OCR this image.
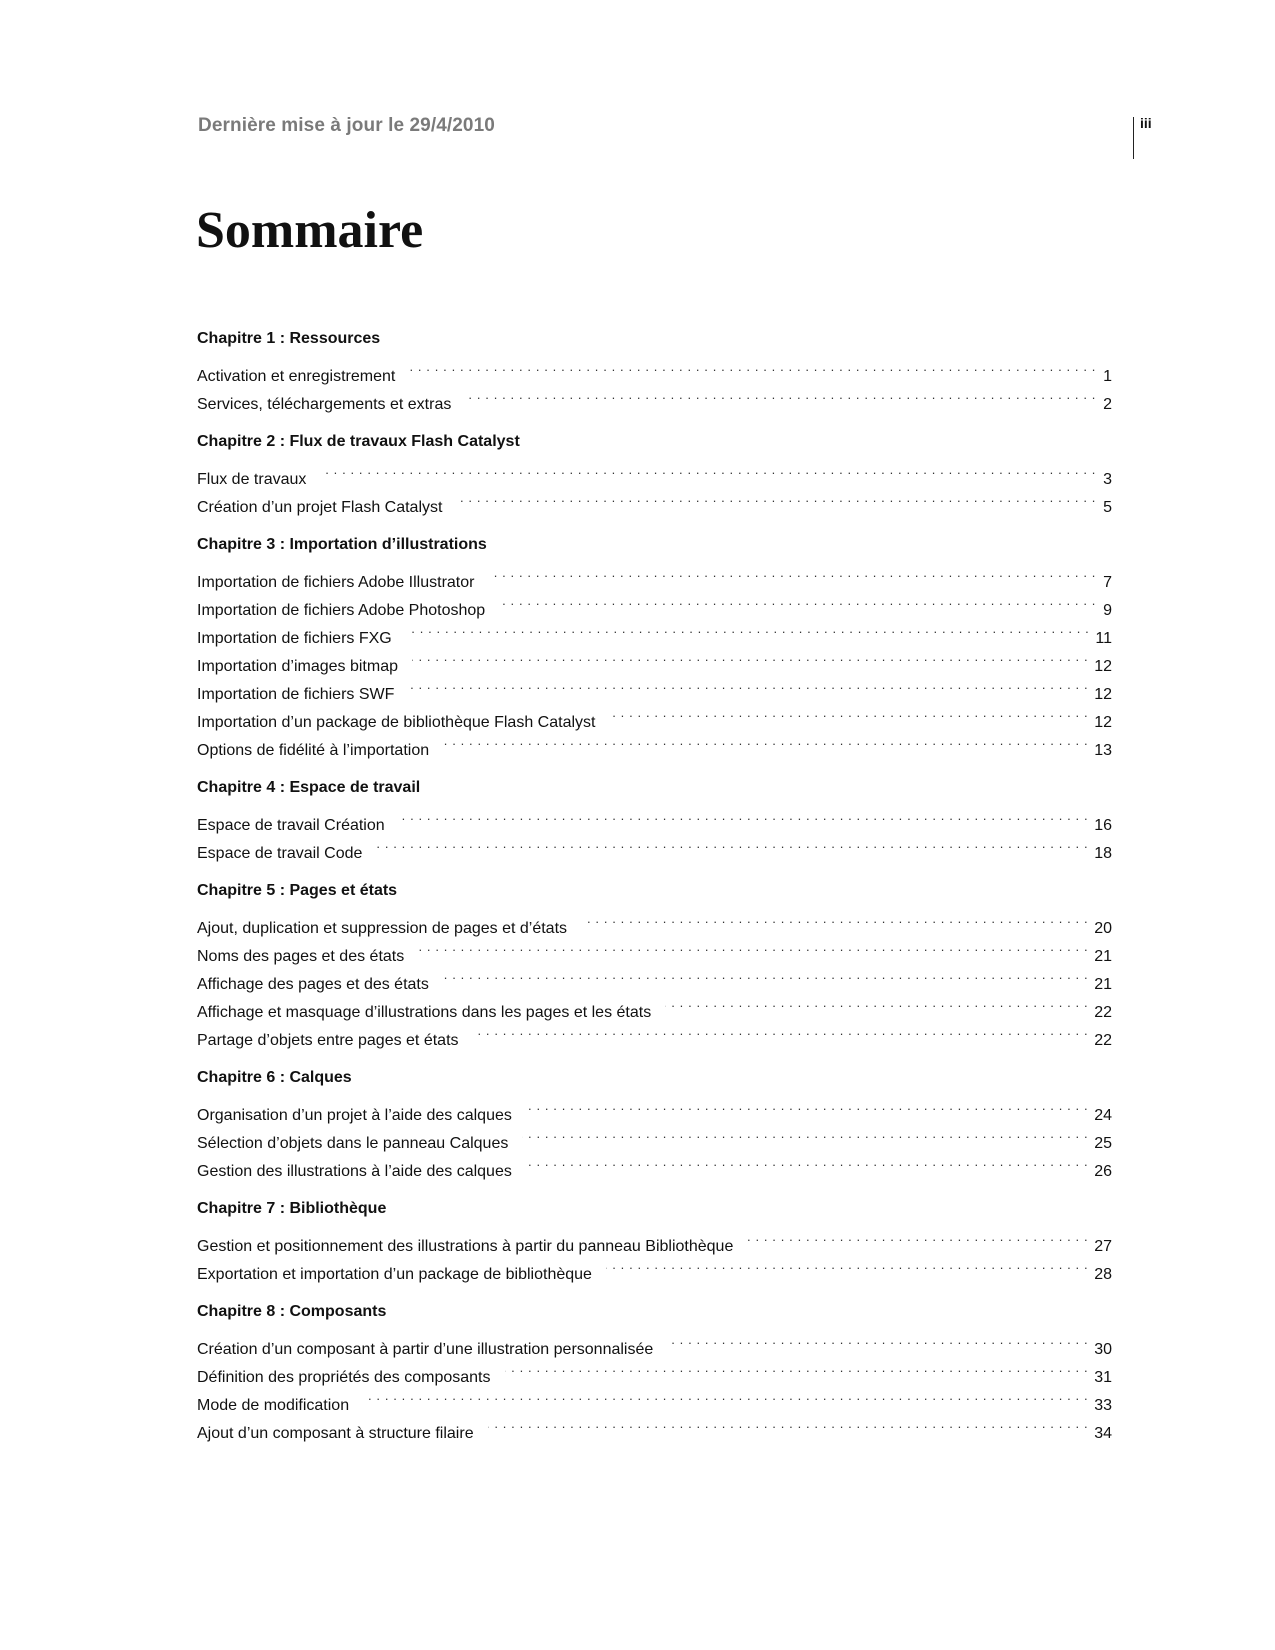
Dernière mise à jour le 29/4/2010	iii
Sommaire
Chapitre 1 : Ressources
Activation et enregistrement . . .	1
Services, téléchargements et extras . . .	2
Chapitre 2 : Flux de travaux Flash Catalyst
Flux de travaux . . .	3
Création d’un projet Flash Catalyst . . .	5
Chapitre 3 : Importation d’illustrations
Importation de fichiers Adobe Illustrator . . .	7
Importation de fichiers Adobe Photoshop . . .	9
Importation de fichiers FXG . . .	11
Importation d’images bitmap . . .	12
Importation de fichiers SWF . . .	12
Importation d’un package de bibliothèque Flash Catalyst . . .	12
Options de fidélité à l’importation . . .	13
Chapitre 4 : Espace de travail
Espace de travail Création . . .	16
Espace de travail Code . . .	18
Chapitre 5 : Pages et états
Ajout, duplication et suppression de pages et d’états . . .	20
Noms des pages et des états . . .	21
Affichage des pages et des états . . .	21
Affichage et masquage d’illustrations dans les pages et les états . . .	22
Partage d’objets entre pages et états . . .	22
Chapitre 6 : Calques
Organisation d’un projet à l’aide des calques . . .	24
Sélection d’objets dans le panneau Calques . . .	25
Gestion des illustrations à l’aide des calques . . .	26
Chapitre 7 : Bibliothèque
Gestion et positionnement des illustrations à partir du panneau Bibliothèque . . .	27
Exportation et importation d’un package de bibliothèque . . .	28
Chapitre 8 : Composants
Création d’un composant à partir d’une illustration personnalisée . . .	30
Définition des propriétés des composants . . .	31
Mode de modification . . .	33
Ajout d’un composant à structure filaire . . .	34
